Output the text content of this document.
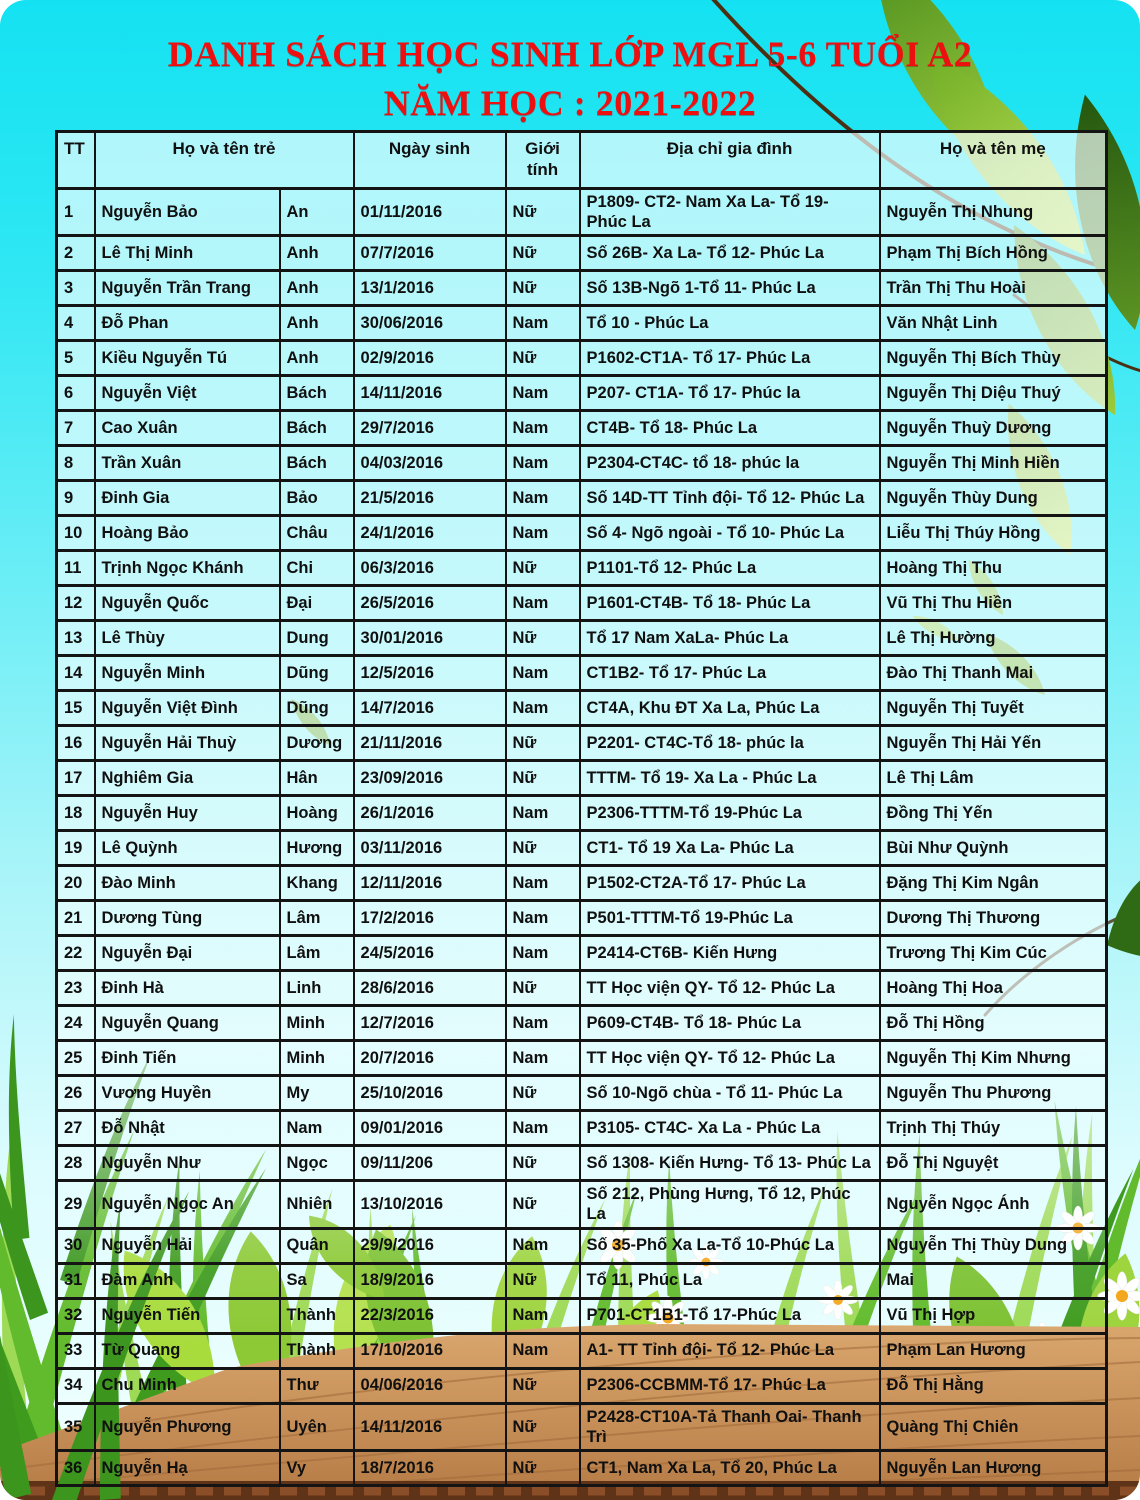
DANH SÁCH HỌC SINH LỚP MGL 5-6 TUỔI A2
NĂM HỌC : 2021-2022
TT	Họ và tên trẻ		Ngày sinh	Giới tính	Địa chỉ gia đình	Họ và tên mẹ
1	Nguyễn Bảo	An	01/11/2016	Nữ	P1809- CT2- Nam Xa La- Tổ 19- Phúc La	Nguyễn Thị Nhung
2	Lê Thị Minh	Anh	07/7/2016	Nữ	Số 26B- Xa La- Tổ 12- Phúc La	Phạm Thị Bích Hồng
3	Nguyễn Trần Trang	Anh	13/1/2016	Nữ	Số 13B-Ngõ 1-Tổ 11- Phúc La	Trần Thị Thu Hoài
4	Đỗ Phan	Anh	30/06/2016	Nam	Tổ 10 - Phúc La	Văn Nhật Linh
5	Kiều Nguyễn Tú	Anh	02/9/2016	Nữ	P1602-CT1A- Tổ 17- Phúc La	Nguyễn Thị Bích Thùy
6	Nguyễn Việt	Bách	14/11/2016	Nam	P207- CT1A- Tổ 17- Phúc la	Nguyễn Thị Diệu Thuý
7	Cao Xuân	Bách	29/7/2016	Nam	CT4B- Tổ 18- Phúc La	Nguyễn Thuỳ Dương
8	Trần Xuân	Bách	04/03/2016	Nam	P2304-CT4C- tổ 18- phúc la	Nguyễn Thị Minh Hiền
9	Đinh Gia	Bảo	21/5/2016	Nam	Số 14D-TT Tỉnh đội- Tổ 12- Phúc La	Nguyễn Thùy Dung
10	Hoàng Bảo	Châu	24/1/2016	Nam	Số 4- Ngõ ngoài - Tổ 10- Phúc La	Liễu Thị Thúy Hồng
11	Trịnh Ngọc Khánh	Chi	06/3/2016	Nữ	P1101-Tổ 12- Phúc La	Hoàng Thị Thu
12	Nguyễn Quốc	Đại	26/5/2016	Nam	P1601-CT4B- Tổ 18- Phúc La	Vũ Thị Thu Hiền
13	Lê Thùy	Dung	30/01/2016	Nữ	Tổ 17 Nam XaLa- Phúc La	Lê Thị Hường
14	Nguyễn Minh	Dũng	12/5/2016	Nam	CT1B2- Tổ 17- Phúc La	Đào Thị Thanh Mai
15	Nguyễn Việt Đình	Dũng	14/7/2016	Nam	CT4A, Khu ĐT Xa La, Phúc La	Nguyễn Thị Tuyết
16	Nguyễn Hải Thuỳ	Dương	21/11/2016	Nữ	P2201- CT4C-Tổ 18- phúc la	Nguyễn Thị Hải Yến
17	Nghiêm Gia	Hân	23/09/2016	Nữ	TTTM- Tổ 19- Xa La - Phúc La	Lê Thị Lâm
18	Nguyễn Huy	Hoàng	26/1/2016	Nam	P2306-TTTM-Tổ 19-Phúc La	Đồng Thị Yến
19	Lê Quỳnh	Hương	03/11/2016	Nữ	CT1- Tổ 19 Xa La- Phúc La	Bùi Như Quỳnh
20	Đào Minh	Khang	12/11/2016	Nam	P1502-CT2A-Tổ 17- Phúc La	Đặng Thị Kim Ngân
21	Dương Tùng	Lâm	17/2/2016	Nam	P501-TTTM-Tổ 19-Phúc La	Dương Thị Thương
22	Nguyễn Đại	Lâm	24/5/2016	Nam	P2414-CT6B- Kiến Hưng	Trương Thị Kim Cúc
23	Đinh Hà	Linh	28/6/2016	Nữ	TT Học viện QY- Tổ 12- Phúc La	Hoàng Thị Hoa
24	Nguyễn Quang	Minh	12/7/2016	Nam	P609-CT4B- Tổ 18- Phúc La	Đỗ Thị Hồng
25	Đinh Tiến	Minh	20/7/2016	Nam	TT Học viện QY- Tổ 12- Phúc La	Nguyễn Thị Kim Nhưng
26	Vương Huyền	My	25/10/2016	Nữ	Số 10-Ngõ chùa - Tổ 11- Phúc La	Nguyễn Thu Phương
27	Đỗ Nhật	Nam	09/01/2016	Nam	P3105- CT4C- Xa La - Phúc La	Trịnh Thị Thúy
28	Nguyễn Như	Ngọc	09/11/206	Nữ	Số 1308- Kiến Hưng- Tổ 13- Phúc La	Đỗ Thị Nguyệt
29	Nguyễn Ngọc An	Nhiên	13/10/2016	Nữ	Số 212, Phùng Hưng, Tổ 12, Phúc La	Nguyễn Ngọc Ánh
30	Nguyễn Hải	Quân	29/9/2016	Nam	Số 35-Phố Xa La-Tổ 10-Phúc La	Nguyễn Thị Thùy Dung
31	Đàm Anh	Sa	18/9/2016	Nữ	Tổ 11, Phúc La	Mai
32	Nguyễn Tiến	Thành	22/3/2016	Nam	P701-CT1B1-Tổ 17-Phúc La	Vũ Thị Hợp
33	Từ Quang	Thành	17/10/2016	Nam	A1- TT Tỉnh đội- Tổ 12- Phúc La	Phạm Lan Hương
34	Chu Minh	Thư	04/06/2016	Nữ	P2306-CCBMM-Tổ 17- Phúc La	Đỗ Thị Hằng
35	Nguyễn Phương	Uyên	14/11/2016	Nữ	P2428-CT10A-Tả Thanh Oai- Thanh Trì	Quàng Thị Chiên
36	Nguyễn Hạ	Vy	18/7/2016	Nữ	CT1, Nam Xa La, Tổ 20, Phúc La	Nguyễn Lan Hương
